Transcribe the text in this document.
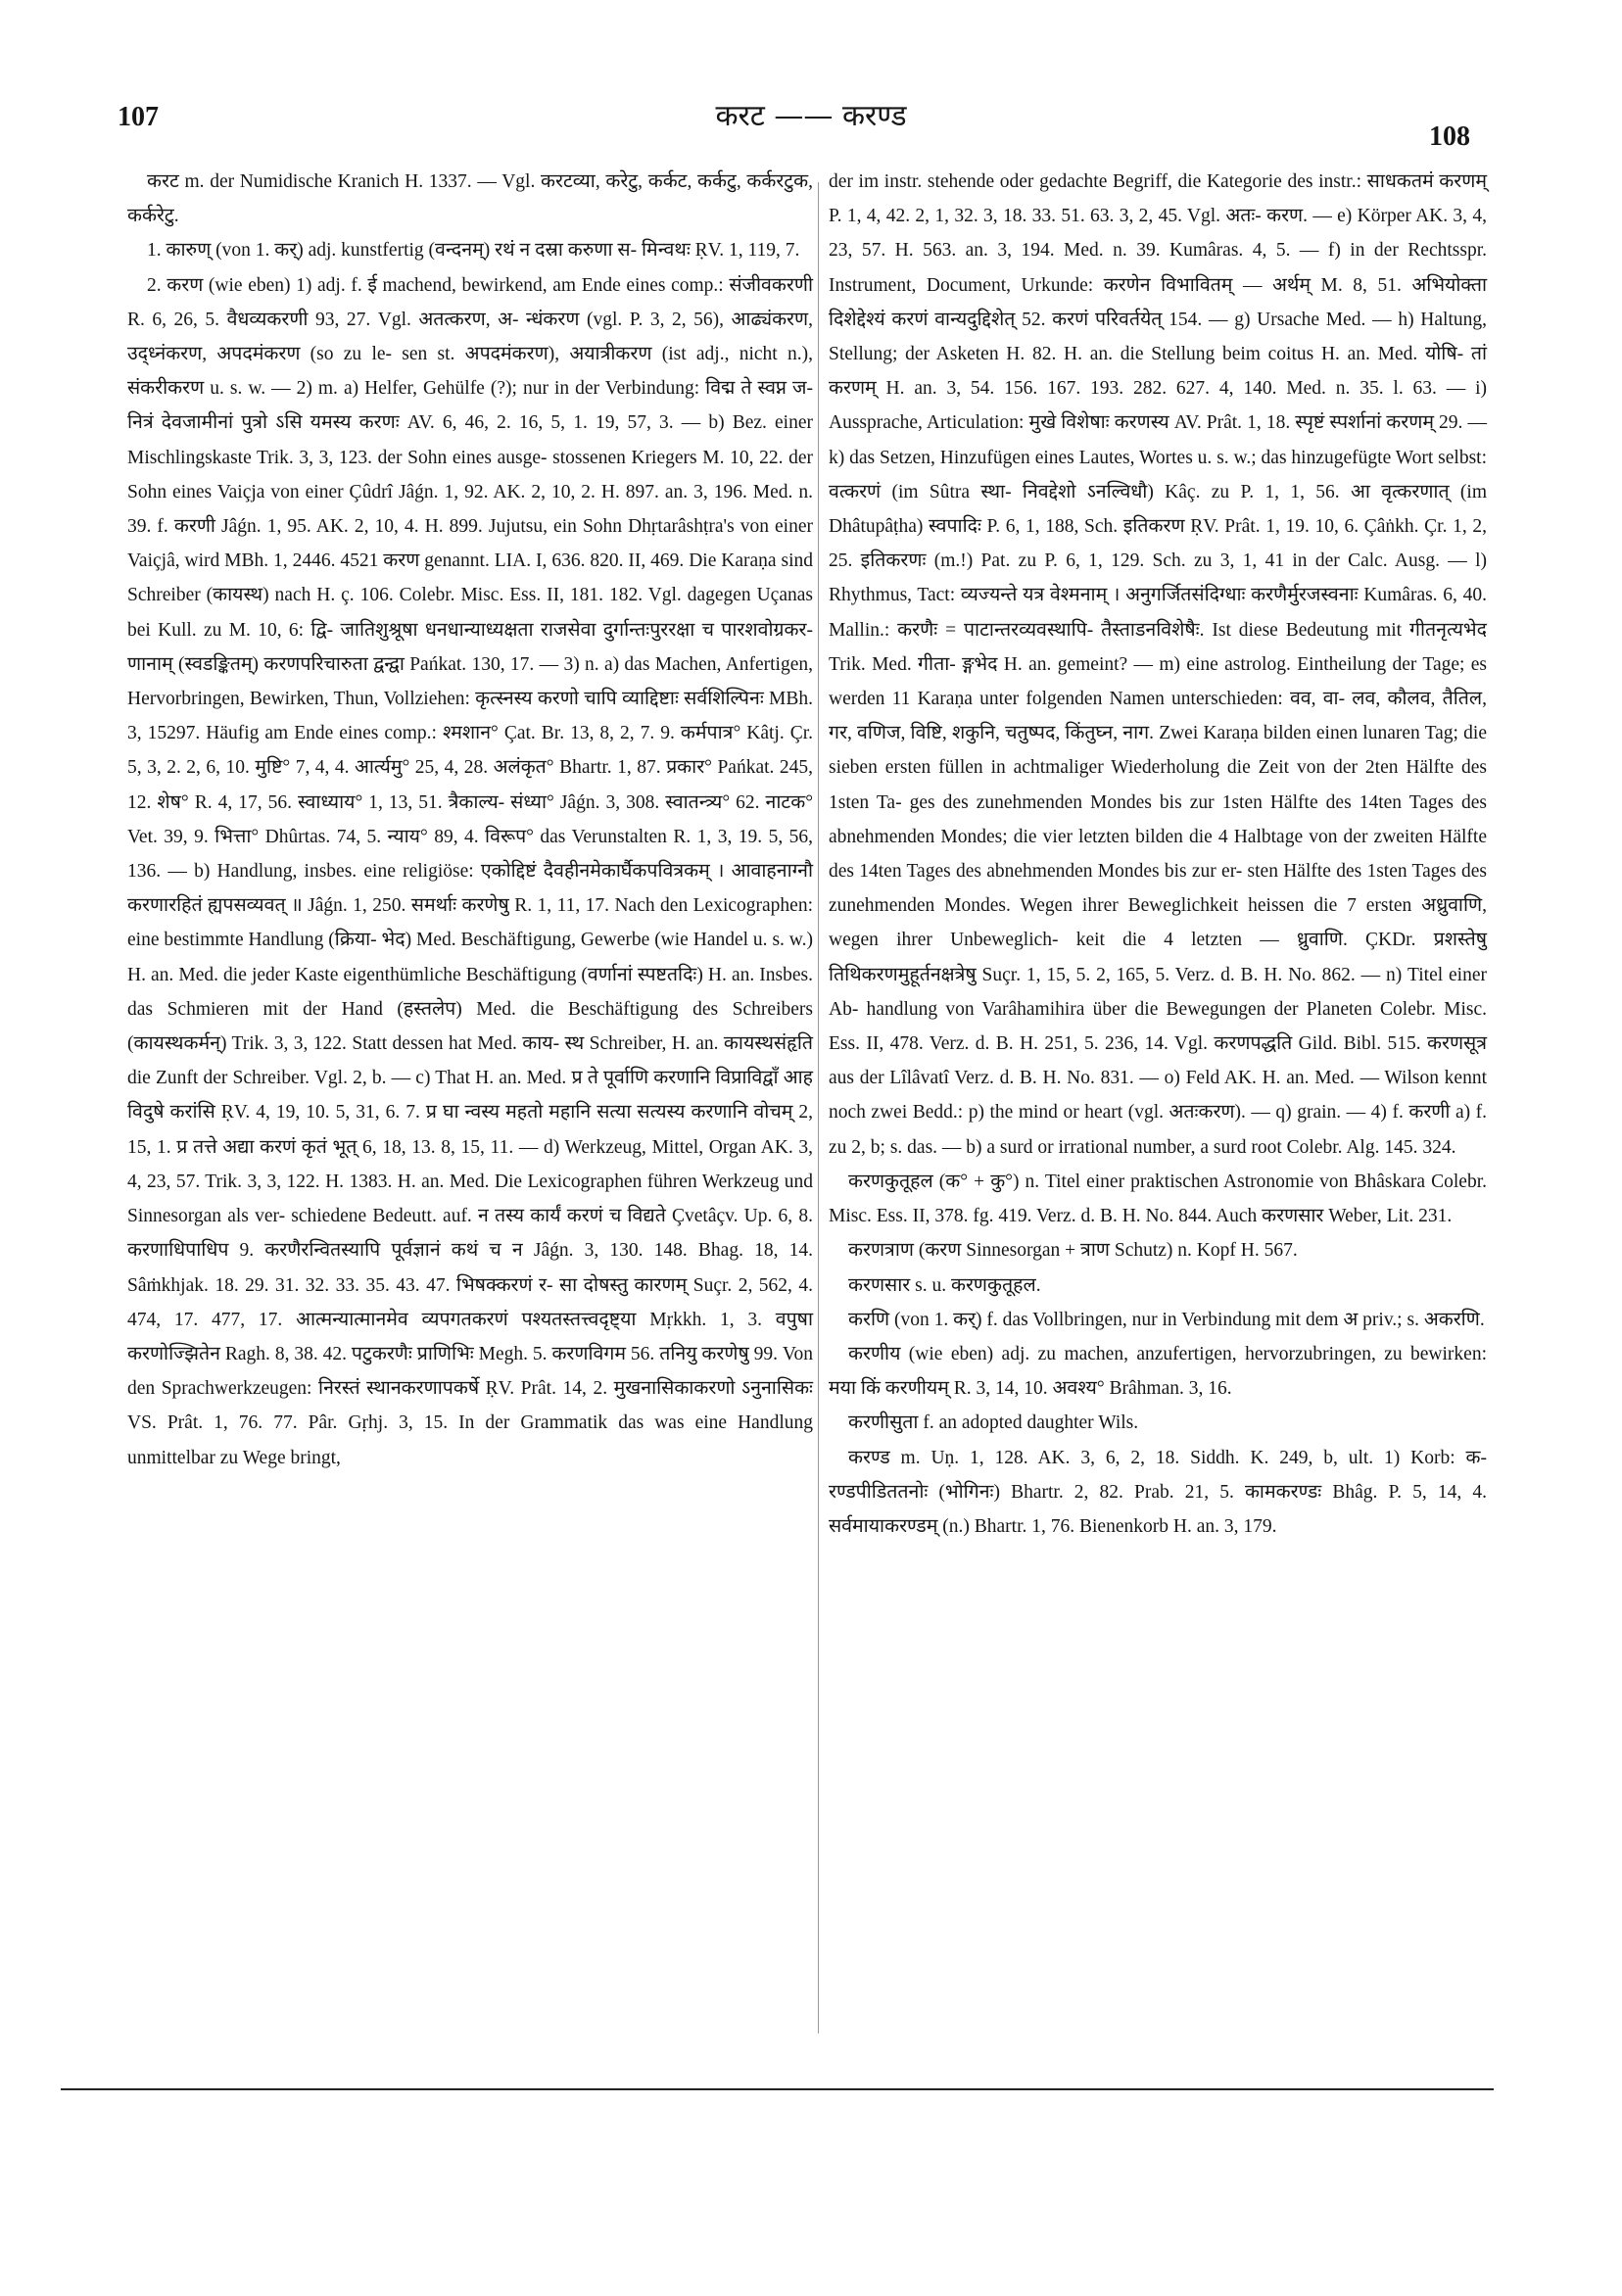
107	करट —— करण्ड
108

करट m. der Numidische Kranich H. 1337. — Vgl. करटव्या, करेटु, कर्कट, कर्कटु, कर्करटुक, कर्करेटु.

1. कारुण् (von 1. कर्) adj. kunstfertig (वन्दनम्) रथं न दस्रा करुणा स- मिन्वथः ṚV. 1, 119, 7.

2. करण (wie eben) 1) adj. f. ई machend, bewirkend, am Ende eines comp.: संजीवकरणी R. 6, 26, 5. वैधव्यकरणी 93, 27. Vgl. अतत्करण, अ- न्धंकरण (vgl. P. 3, 2, 56), आढ्यंकरण, उद्ध्नंकरण, अपदमंकरण (so zu le- sen st. अपदमंकरण), अयात्रीकरण (ist adj., nicht n.), संकरीकरण u. s. w. — 2) m. a) Helfer, Gehülfe (?); nur in der Verbindung: विद्म ते स्वप्न ज- नित्रं देवजामीनां पुत्रो ऽसि यमस्य करणः AV. 6, 46, 2. 16, 5, 1. 19, 57, 3. — b) Bez. einer Mischlingskaste Trik. 3, 3, 123. der Sohn eines ausge- stossenen Kriegers M. 10, 22. der Sohn eines Vaiçja von einer Çûdrî Jâǵn. 1, 92. AK. 2, 10, 2. H. 897. an. 3, 196. Med. n. 39. f. करणी Jâǵn. 1, 95. AK. 2, 10, 4. H. 899. Jujutsu, ein Sohn Dhṛtarâshṭra's von einer Vaiçjâ, wird MBh. 1, 2446. 4521 करण genannt. LIA. I, 636. 820. II, 469. Die Karaṇa sind Schreiber (कायस्थ) nach H. ç. 106. Colebr. Misc. Ess. II, 181. 182. Vgl. dagegen Uçanas bei Kull. zu M. 10, 6: द्वि- जातिशुश्रूषा धनधान्याध्यक्षता राजसेवा दुर्गान्तःपुररक्षा च पारशवोग्रकर- णानाम् (स्वडङ्कितम्) करणपरिचारुता द्वन्द्वा Pańkat. 130, 17. — 3) n. a) das Machen, Anfertigen, Hervorbringen, Bewirken, Thun, Vollziehen: कृत्स्नस्य करणो चापि व्याद्दिष्टाः सर्वशिल्पिनः MBh. 3, 15297. Häufig am Ende eines comp.: श्मशान° Çat. Br. 13, 8, 2, 7. 9. कर्मपात्र° Kâtj. Çr. 5, 3, 2. 2, 6, 10. मुष्टि° 7, 4, 4. आर्त्यमु° 25, 4, 28. अलंकृत° Bhartr. 1, 87. प्रकार° Pańkat. 245, 12. शेष° R. 4, 17, 56. स्वाध्याय° 1, 13, 51. त्रैकाल्य- संध्या° Jâǵn. 3, 308. स्वातन्त्र्य° 62. नाटक° Vet. 39, 9. भित्ता° Dhûrtas. 74, 5. न्याय° 89, 4. विरूप° das Verunstalten R. 1, 3, 19. 5, 56, 136. — b) Handlung, insbes. eine religiöse: एकोद्दिष्टं दैवहीनमेकार्घैकपवित्रकम् । आवाहनाग्नौ करणारहितं ह्यपसव्यवत् ॥ Jâǵn. 1, 250. समर्थाः करणेषु R. 1, 11, 17. Nach den Lexicographen: eine bestimmte Handlung (क्रिया- भेद) Med. Beschäftigung, Gewerbe (wie Handel u. s. w.) H. an. Med. die jeder Kaste eigenthümliche Beschäftigung (वर्णानां स्पष्टतदिः) H. an. Insbes. das Schmieren mit der Hand (हस्तलेप) Med. die Beschäftigung des Schreibers (कायस्थकर्मन्) Trik. 3, 3, 122. Statt dessen hat Med. काय- स्थ Schreiber, H. an. कायस्थसंहृति die Zunft der Schreiber. Vgl. 2, b. — c) That H. an. Med. प्र ते पूर्वाणि करणानि विप्राविद्वाँ आह विदुषे करांसि ṚV. 4, 19, 10. 5, 31, 6. 7. प्र घा न्वस्य महतो महानि सत्या सत्यस्य करणानि वोचम् 2, 15, 1. प्र तत्ते अद्या करणं कृतं भूत् 6, 18, 13. 8, 15, 11. — d) Werkzeug, Mittel, Organ AK. 3, 4, 23, 57. Trik. 3, 3, 122. H. 1383. H. an. Med. Die Lexicographen führen Werkzeug und Sinnesorgan als ver- schiedene Bedeutt. auf. न तस्य कार्यं करणं च विद्यते Çvetâçv. Up. 6, 8. करणाधिपाधिप 9. करणैरन्वितस्यापि पूर्वज्ञानं कथं च न Jâǵn. 3, 130. 148. Bhag. 18, 14. Sâṁkhjak. 18. 29. 31. 32. 33. 35. 43. 47. भिषक्करणं र- सा दोषस्तु कारणम् Suçr. 2, 562, 4. 474, 17. 477, 17. आत्मन्यात्मानमेव व्यपगतकरणं पश्यतस्तत्त्वदृष्ट्या Mṛkkh. 1, 3. वपुषा करणोज्झितेन Ragh. 8, 38. 42. पटुकरणैः प्राणिभिः Megh. 5. करणविगम 56. तनियु करणेषु 99. Von den Sprachwerkzeugen: निरस्तं स्थानकरणापकर्षे ṚV. Prât. 14, 2. मुखनासिकाकरणो ऽनुनासिकः VS. Prât. 1, 76. 77. Pâr. Gṛhj. 3, 15. In der Grammatik das was eine Handlung unmittelbar zu Wege bringt,

der im instr. stehende oder gedachte Begriff, die Kategorie des instr.: साधकतमं करणम् P. 1, 4, 42. 2, 1, 32. 3, 18. 33. 51. 63. 3, 2, 45. Vgl. अतः- करण. — e) Körper AK. 3, 4, 23, 57. H. 563. an. 3, 194. Med. n. 39. Kumâras. 4, 5. — f) in der Rechtsspr. Instrument, Document, Urkunde: करणेन विभावितम् — अर्थम् M. 8, 51. अभियोक्ता दिशेद्देश्यं करणं वान्यदुद्दिशेत् 52. करणं परिवर्तयेत् 154. — g) Ursache Med. — h) Haltung, Stellung; der Asketen H. 82. H. an. die Stellung beim coitus H. an. Med. योषि- तां करणम् H. an. 3, 54. 156. 167. 193. 282. 627. 4, 140. Med. n. 35. l. 63. — i) Aussprache, Articulation: मुखे विशेषाः करणस्य AV. Prât. 1, 18. स्पृष्टं स्पर्शानां करणम् 29. — k) das Setzen, Hinzufügen eines Lautes, Wortes u. s. w.; das hinzugefügte Wort selbst: वत्करणं (im Sûtra स्था- निवद्देशो ऽनल्विधौ) Kâç. zu P. 1, 1, 56. आ वृत्करणात् (im Dhâtupâṭha) स्वपादिः P. 6, 1, 188, Sch. इतिकरण ṚV. Prât. 1, 19. 10, 6. Çâṅkh. Çr. 1, 2, 25. इतिकरणः (m.!) Pat. zu P. 6, 1, 129. Sch. zu 3, 1, 41 in der Calc. Ausg. — l) Rhythmus, Tact: व्यज्यन्ते यत्र वेश्मनाम् । अनुगर्जितसंदिग्धाः करणैर्मुरजस्वनाः Kumâras. 6, 40. Mallin.: करणैः = पाटान्तरव्यवस्थापि- तैस्ताडनविशेषैः. Ist diese Bedeutung mit गीतनृत्यभेद Trik. Med. गीता- ङ्गभेद H. an. gemeint? — m) eine astrolog. Eintheilung der Tage; es werden 11 Karaṇa unter folgenden Namen unterschieden: वव, वा- लव, कौलव, तैतिल, गर, वणिज, विष्टि, शकुनि, चतुष्पद, किंतुघ्न, नाग. Zwei Karaṇa bilden einen lunaren Tag; die sieben ersten füllen in achtmaliger Wiederholung die Zeit von der 2ten Hälfte des 1sten Ta- ges des zunehmenden Mondes bis zur 1sten Hälfte des 14ten Tages des abnehmenden Mondes; die vier letzten bilden die 4 Halbtage von der zweiten Hälfte des 14ten Tages des abnehmenden Mondes bis zur er- sten Hälfte des 1sten Tages des zunehmenden Mondes. Wegen ihrer Beweglichkeit heissen die 7 ersten अध्रुवाणि, wegen ihrer Unbeweglich- keit die 4 letzten — ध्रुवाणि. ÇKDr. प्रशस्तेषु तिथिकरणमुहूर्तनक्षत्रेषु Suçr. 1, 15, 5. 2, 165, 5. Verz. d. B. H. No. 862. — n) Titel einer Ab- handlung von Varâhamihira über die Bewegungen der Planeten Colebr. Misc. Ess. II, 478. Verz. d. B. H. 251, 5. 236, 14. Vgl. करणपद्धति Gild. Bibl. 515. करणसूत्र aus der Lîlâvatî Verz. d. B. H. No. 831. — o) Feld AK. H. an. Med. — Wilson kennt noch zwei Bedd.: p) the mind or heart (vgl. अतःकरण). — q) grain. — 4) f. करणी a) f. zu 2, b; s. das. — b) a surd or irrational number, a surd root Colebr. Alg. 145. 324.

करणकुतूहल (क° + कु°) n. Titel einer praktischen Astronomie von Bhâskara Colebr. Misc. Ess. II, 378. fg. 419. Verz. d. B. H. No. 844. Auch करणसार Weber, Lit. 231.

करणत्राण (करण Sinnesorgan + त्राण Schutz) n. Kopf H. 567.

करणसार s. u. करणकुतूहल.

करणि (von 1. कर्) f. das Vollbringen, nur in Verbindung mit dem अ priv.; s. अकरणि.

करणीय (wie eben) adj. zu machen, anzufertigen, hervorzubringen, zu bewirken: मया किं करणीयम् R. 3, 14, 10. अवश्य° Brâhman. 3, 16.

करणीसुता f. an adopted daughter Wils.

करण्ड m. Uṇ. 1, 128. AK. 3, 6, 2, 18. Siddh. K. 249, b, ult. 1) Korb: क- रण्डपीडिततनोः (भोगिनः) Bhartr. 2, 82. Prab. 21, 5. कामकरण्डः Bhâg. P. 5, 14, 4. सर्वमायाकरण्डम् (n.) Bhartr. 1, 76. Bienenkorb H. an. 3, 179.
